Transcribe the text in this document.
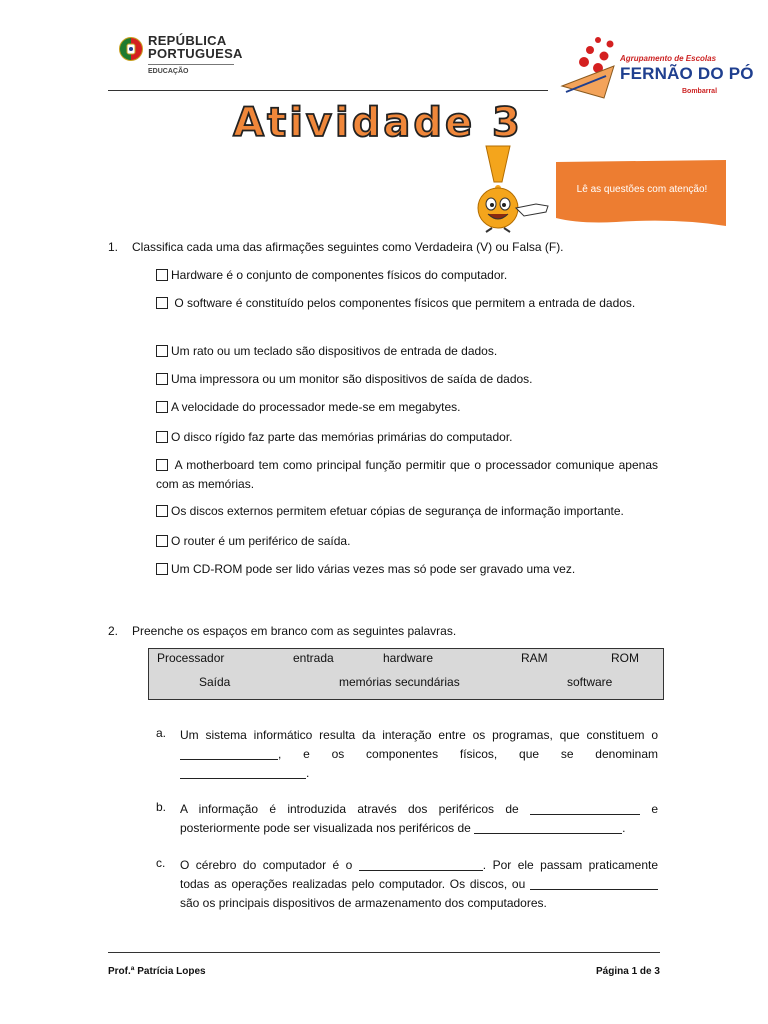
REPÚBLICA
PORTUGUESA
EDUCAÇÃO
Agrupamento de Escolas
FERNÃO DO PÓ
Bombarral
Atividade 3
Lê as questões com atenção!
1. Classifica cada uma das afirmações seguintes como Verdadeira (V) ou Falsa (F).
Hardware é o conjunto de componentes físicos do computador.
O software é constituído pelos componentes físicos que permitem a entrada de dados.
Um rato ou um teclado são dispositivos de entrada de dados.
Uma impressora ou um monitor são dispositivos de saída de dados.
A velocidade do processador mede-se em megabytes.
O disco rígido faz parte das memórias primárias do computador.
A motherboard tem como principal função permitir que o processador comunique apenas com as memórias.
Os discos externos permitem efetuar cópias de segurança de informação importante.
O router é um periférico de saída.
Um CD-ROM pode ser lido várias vezes mas só pode ser gravado uma vez.
2. Preenche os espaços em branco com as seguintes palavras.
Processador	entrada	hardware	RAM	ROM
Saída	memórias secundárias	software
a. Um sistema informático resulta da interação entre os programas, que constituem o , e os componentes físicos, que se denominam .
b. A informação é introduzida através dos periféricos de	e posteriormente pode ser visualizada nos periféricos de	.
c. O cérebro do computador é o	. Por ele passam praticamente todas as operações realizadas pelo computador. Os discos, ou  são os principais dispositivos de armazenamento dos computadores.
Prof.ª Patrícia Lopes	Página 1 de 3
